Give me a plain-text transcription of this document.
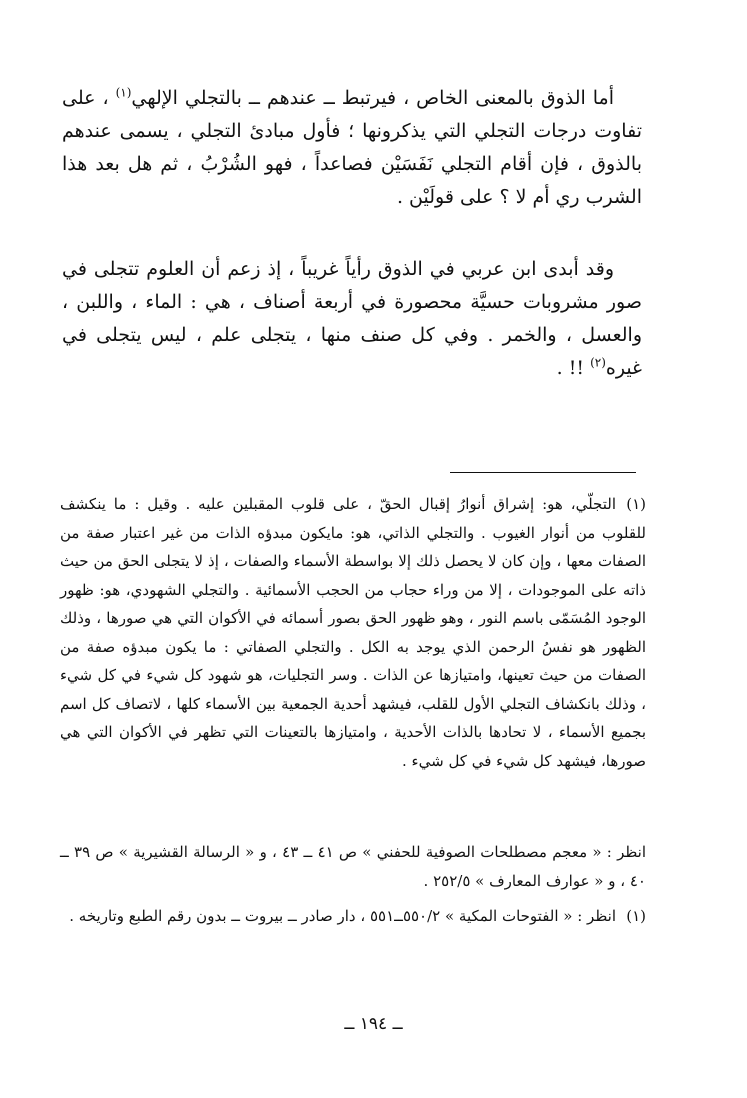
أما الذوق بالمعنى الخاص ، فيرتبط ــ عندهم ــ بالتجلي الإلهي$^{(١)}$ ، على تفاوت درجات التجلي التي يذكرونها ؛ فأول مبادئ التجلي ، يسمى عندهم بالذوق ، فإن أقام التجلي نَفَسَيْن فصاعداً ، فهو الشُرْبُ ، ثم هل بعد هذا الشرب ري أم لا ؟ على قولَيْن .

وقد أبدى ابن عربي في الذوق رأياً غريباً ، إذ زعم أن العلوم تتجلى في صور مشروبات حسيَّة محصورة في أربعة أصناف ، هي : الماء ، واللبن ، والعسل ، والخمر . وفي كل صنف منها ، يتجلى علم ، ليس يتجلى في غيره$^{(٢)}$ !! .

(١)التجلّي، هو: إشراق أنوارُ إقبال الحقّ ، على قلوب المقبلين عليه . وقيل : ما ينكشف للقلوب من أنوار الغيوب . والتجلي الذاتي، هو: مايكون مبدؤه الذات من غير اعتبار صفة من الصفات معها ، وإن كان لا يحصل ذلك إلا بواسطة الأسماء والصفات ، إذ لا يتجلى الحق من حيث ذاته على الموجودات ، إلا من وراء حجاب من الحجب الأسمائية . والتجلي الشهودي، هو: ظهور الوجود المُسَمّى باسم النور ، وهو ظهور الحق بصور أسمائه في الأكوان التي هي صورها ، وذلك الظهور هو نفسُ الرحمن الذي يوجد به الكل . والتجلي الصفاتي : ما يكون مبدؤه صفة من الصفات من حيث تعينها، وامتيازها عن الذات . وسر التجليات، هو شهود كل شيء في كل شيء ، وذلك بانكشاف التجلي الأول للقلب، فيشهد أحدية الجمعية بين الأسماء كلها ، لاتصاف كل اسم بجميع الأسماء ، لا تحادها بالذات الأحدية ، وامتيازها بالتعينات التي تظهر في الأكوان التي هي صورها، فيشهد كل شيء في كل شيء .

انظر : « معجم مصطلحات الصوفية للحفني » ص ٤١ ــ ٤٣ ، و « الرسالة القشيرية » ص ٣٩ ــ ٤٠ ، و « عوارف المعارف » ٢٥٢/٥ .

(١)انظر : « الفتوحات المكية » ٥٥٠/٢ــ٥٥١ ، دار صادر ــ بيروت ــ بدون رقم الطبع وتاريخه .

ــ ١٩٤ ــ
